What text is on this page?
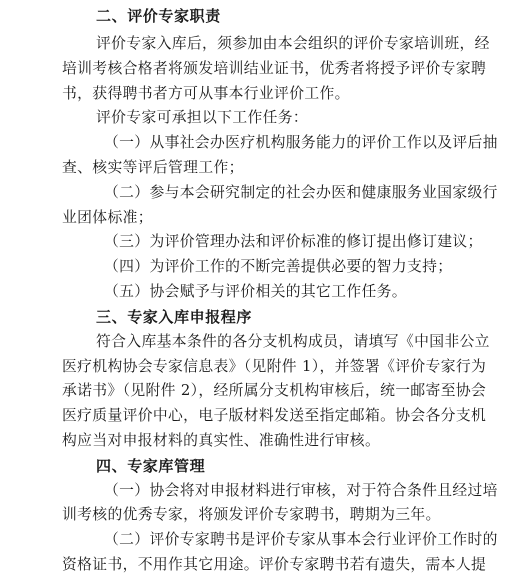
二、评价专家职责
评价专家入库后，须参加由本会组织的评价专家培训班，经
培训考核合格者将颁发培训结业证书，优秀者将授予评价专家聘
书，获得聘书者方可从事本行业评价工作。
评价专家可承担以下工作任务：
（一）从事社会办医疗机构服务能力的评价工作以及评后抽
查、核实等评后管理工作；
（二）参与本会研究制定的社会办医和健康服务业国家级行
业团体标准；
（三）为评价管理办法和评价标准的修订提出修订建议；
（四）为评价工作的不断完善提供必要的智力支持；
（五）协会赋予与评价相关的其它工作任务。
三、专家入库申报程序
符合入库基本条件的各分支机构成员，请填写《中国非公立
医疗机构协会专家信息表》（见附件 1），并签署《评价专家行为
承诺书》（见附件 2），经所属分支机构审核后，统一邮寄至协会
医疗质量评价中心，电子版材料发送至指定邮箱。协会各分支机
构应当对申报材料的真实性、准确性进行审核。
四、专家库管理
（一）协会将对申报材料进行审核，对于符合条件且经过培
训考核的优秀专家，将颁发评价专家聘书，聘期为三年。
（二）评价专家聘书是评价专家从事本会行业评价工作时的
资格证书，不用作其它用途。评价专家聘书若有遗失，需本人提
